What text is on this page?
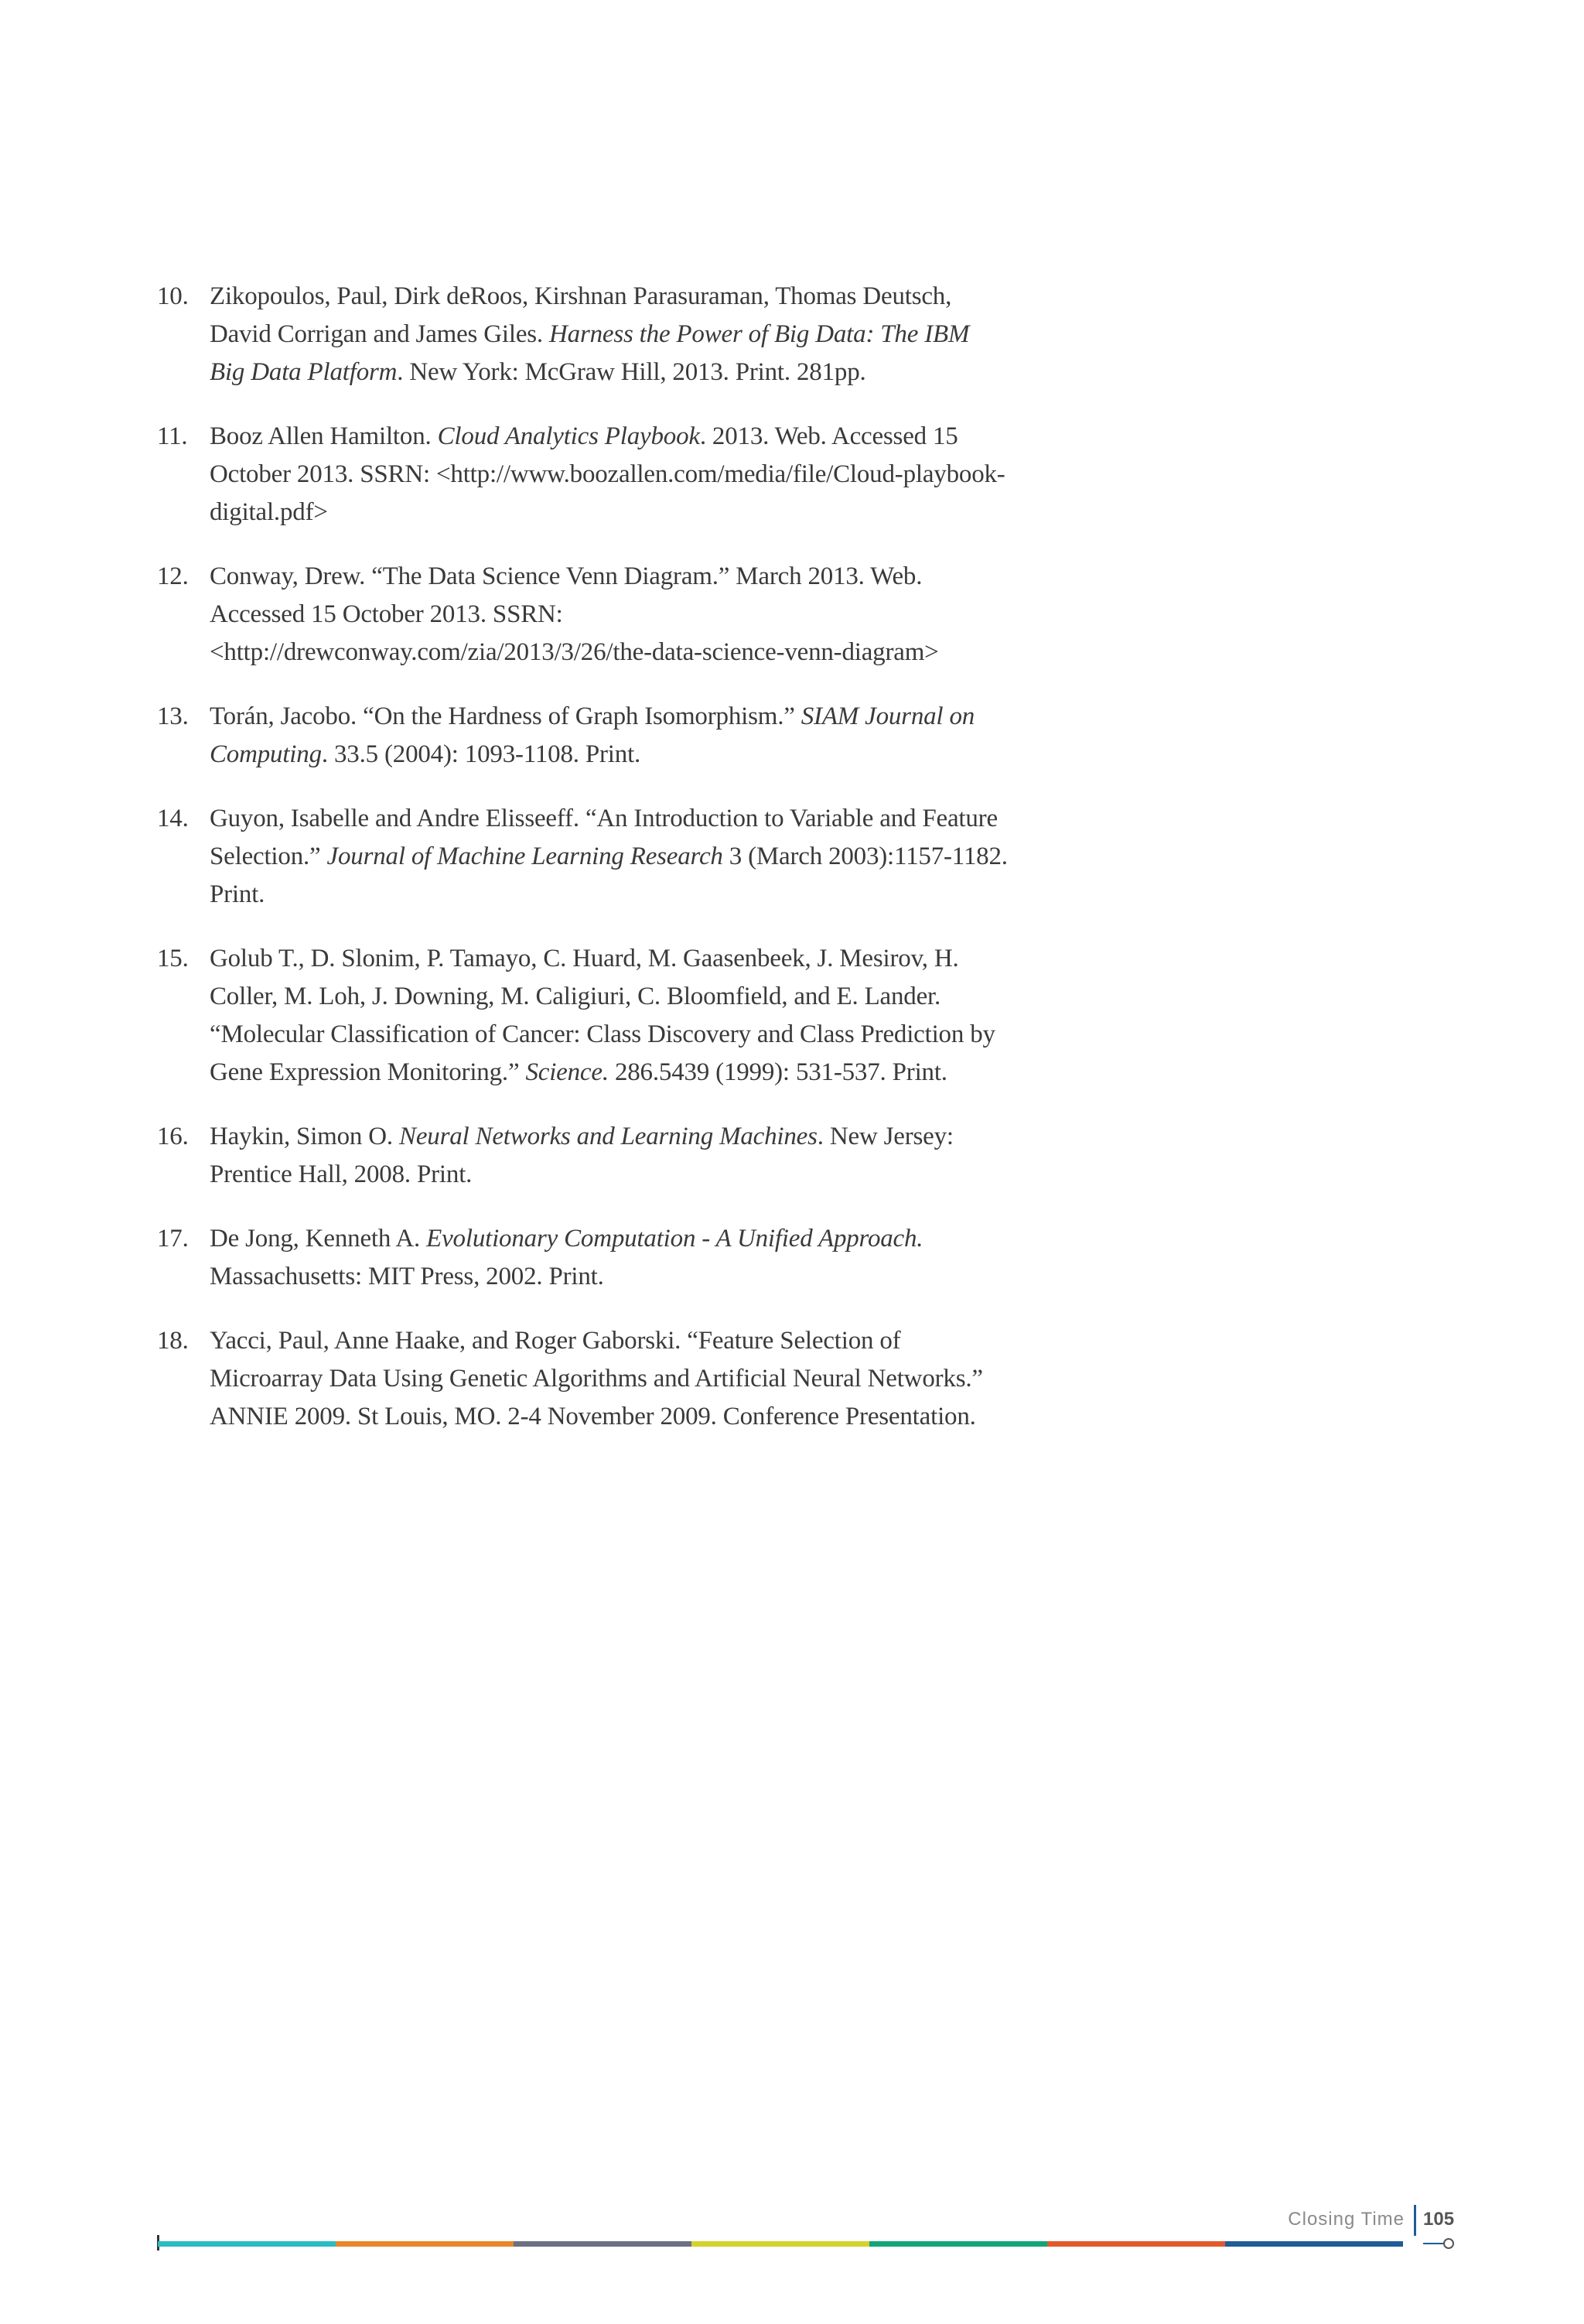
10. Zikopoulos, Paul, Dirk deRoos, Kirshnan Parasuraman, Thomas Deutsch, David Corrigan and James Giles. Harness the Power of Big Data: The IBM Big Data Platform. New York: McGraw Hill, 2013. Print. 281pp.
11. Booz Allen Hamilton. Cloud Analytics Playbook. 2013. Web. Accessed 15 October 2013. SSRN: <http://www.boozallen.com/media/file/Cloud-playbook-digital.pdf>
12. Conway, Drew. “The Data Science Venn Diagram.” March 2013. Web. Accessed 15 October 2013. SSRN: <http://drewconway.com/zia/2013/3/26/the-data-science-venn-diagram>
13. Torán, Jacobo. “On the Hardness of Graph Isomorphism.” SIAM Journal on Computing. 33.5 (2004): 1093-1108. Print.
14. Guyon, Isabelle and Andre Elisseeff. “An Introduction to Variable and Feature Selection.” Journal of Machine Learning Research 3 (March 2003):1157-1182. Print.
15. Golub T., D. Slonim, P. Tamayo, C. Huard, M. Gaasenbeek, J. Mesirov, H. Coller, M. Loh, J. Downing, M. Caligiuri, C. Bloomfield, and E. Lander. “Molecular Classification of Cancer: Class Discovery and Class Prediction by Gene Expression Monitoring.” Science. 286.5439 (1999): 531-537. Print.
16. Haykin, Simon O. Neural Networks and Learning Machines. New Jersey: Prentice Hall, 2008. Print.
17. De Jong, Kenneth A. Evolutionary Computation - A Unified Approach. Massachusetts: MIT Press, 2002. Print.
18. Yacci, Paul, Anne Haake, and Roger Gaborski. “Feature Selection of Microarray Data Using Genetic Algorithms and Artificial Neural Networks.” ANNIE 2009. St Louis, MO. 2-4 November 2009. Conference Presentation.
Closing Time 105
